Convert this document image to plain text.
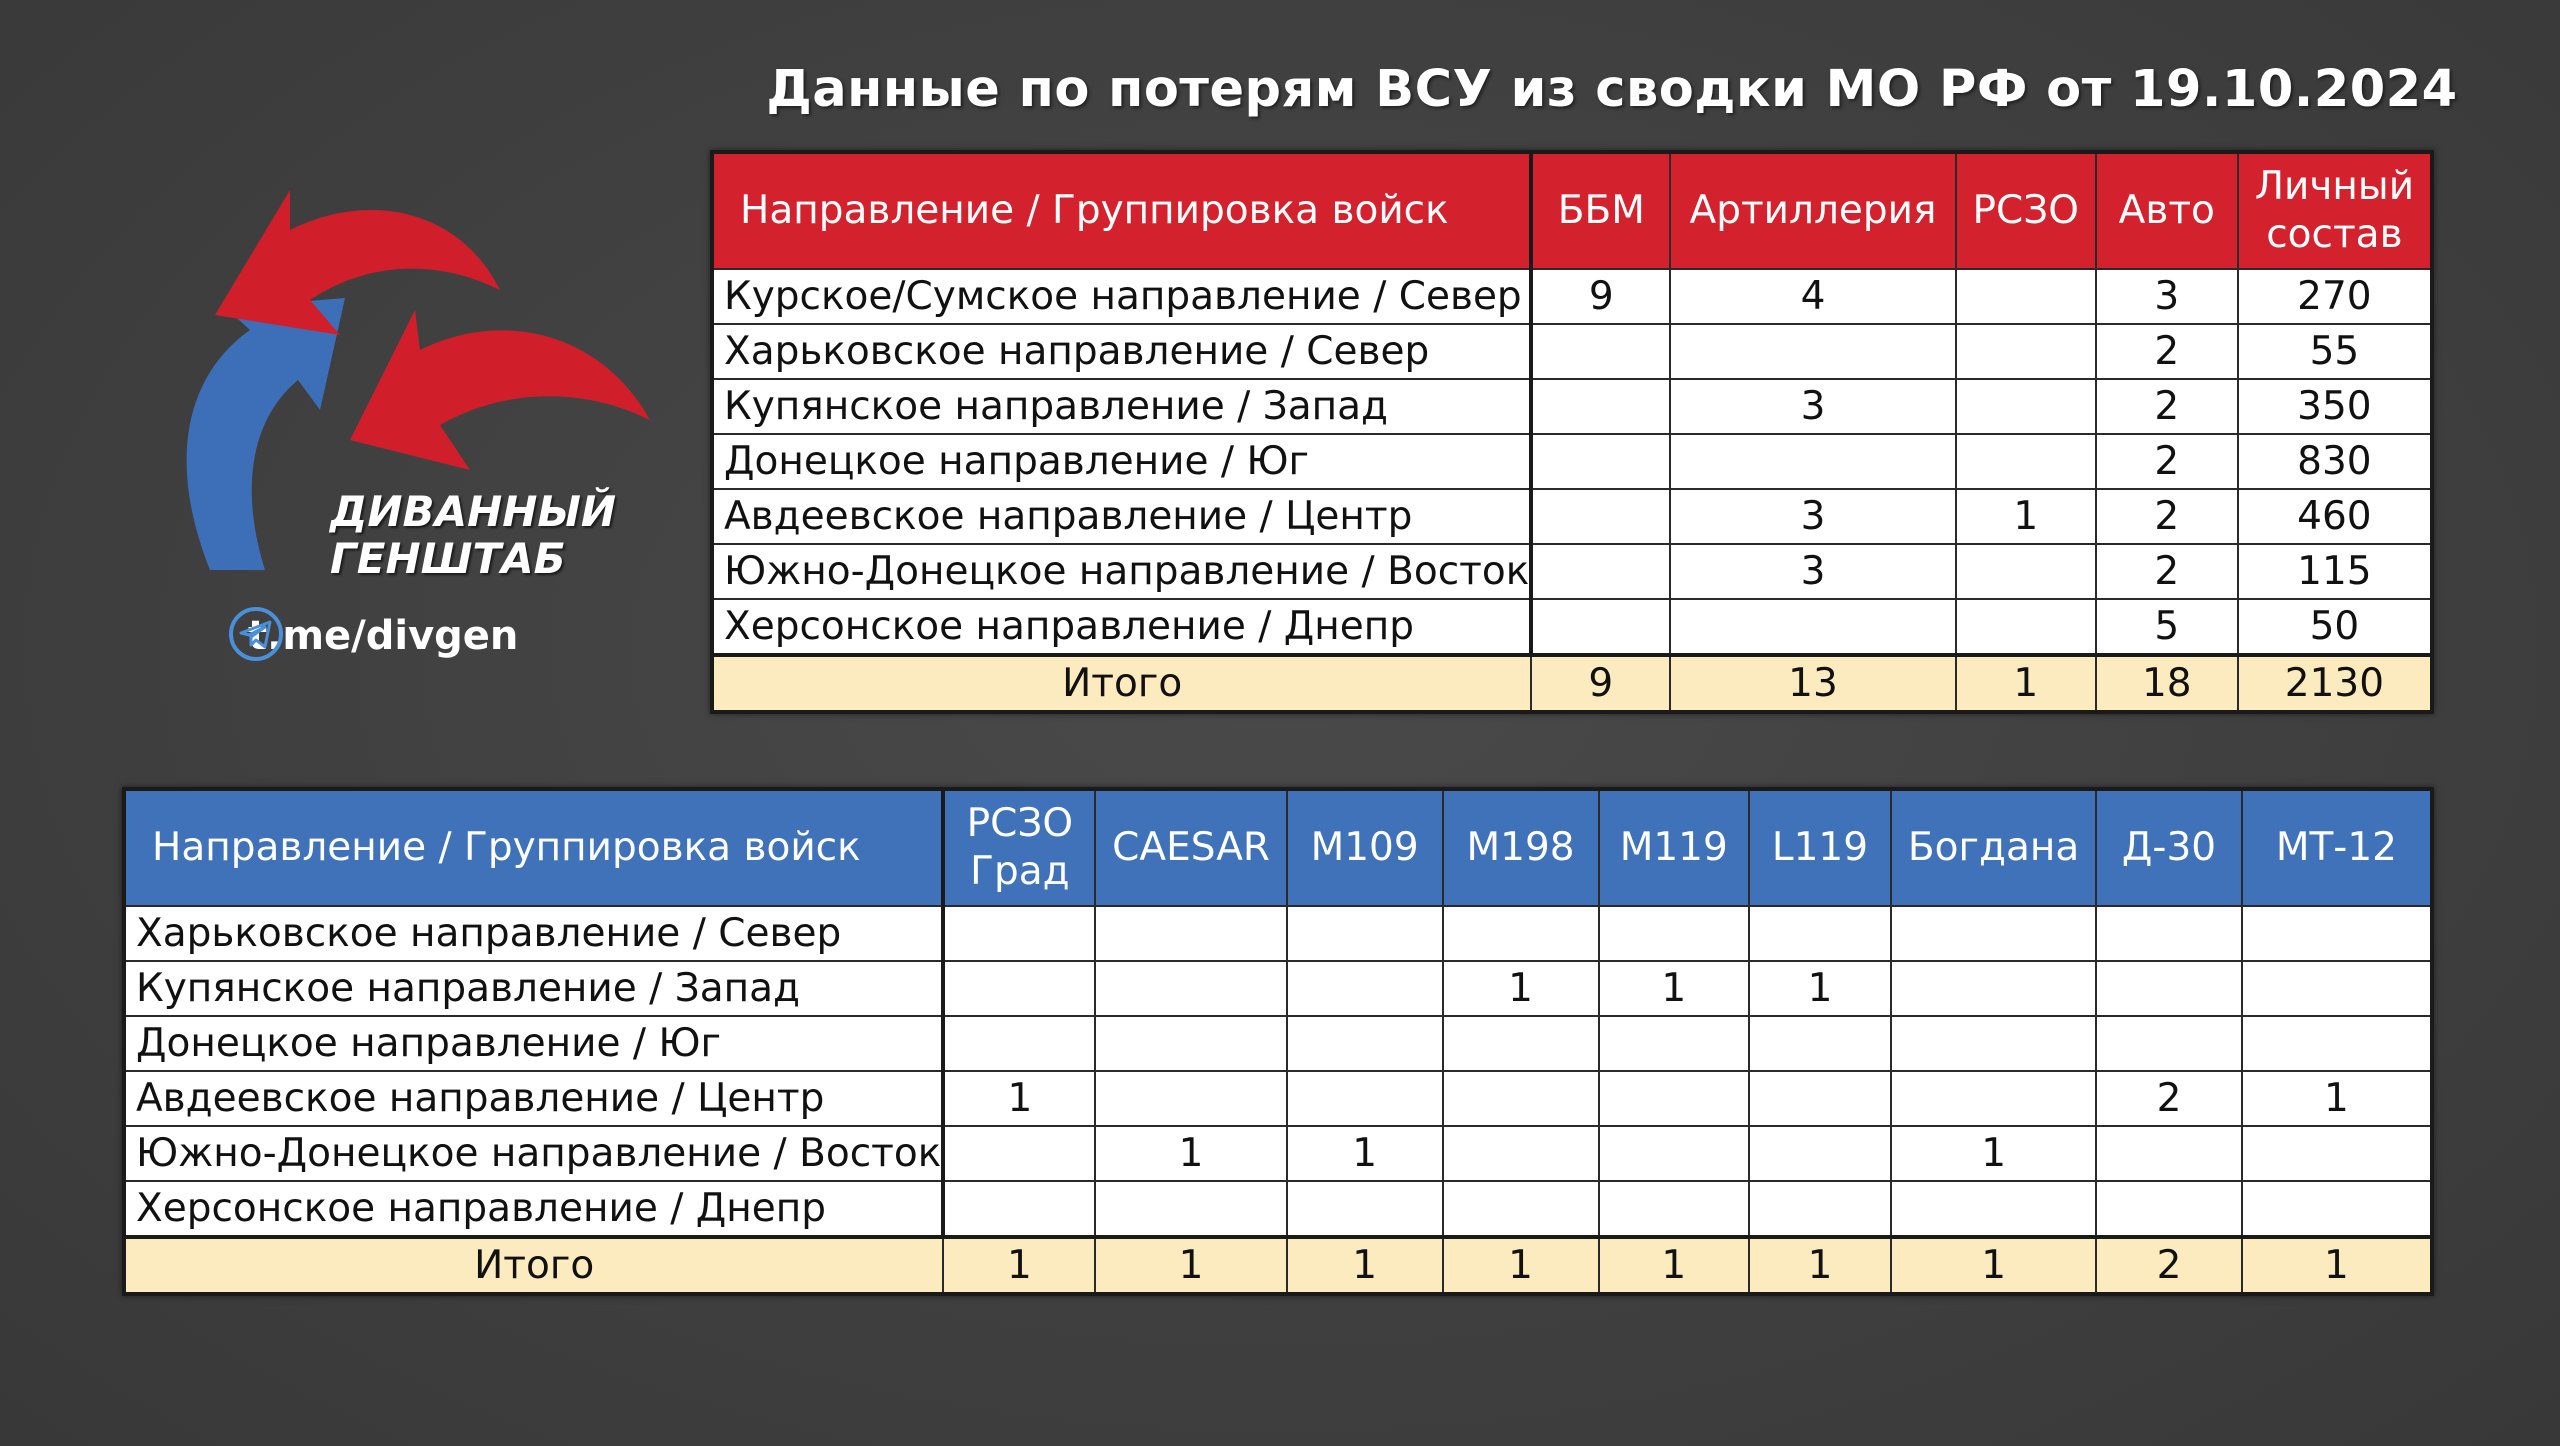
Данные по потерям ВСУ из сводки МО РФ от 19.10.2024
ДИВАННЫЙ
ГЕНШТАБ
t.me/divgen
Направление / Группировка войск	ББМ	Артиллерия	РСЗО	Авто	Личный состав
Курское/Сумское направление / Север	9	4		3	270
Харьковское направление / Север				2	55
Купянское направление / Запад		3		2	350
Донецкое направление / Юг				2	830
Авдеевское направление / Центр		3	1	2	460
Южно-Донецкое направление / Восток		3		2	115
Херсонское направление / Днепр				5	50
Итого	9	13	1	18	2130
Направление / Группировка войск	РСЗО Град	CAESAR	M109	M198	M119	L119	Богдана	Д-30	МТ-12
Харьковское направление / Север									
Купянское направление / Запад				1	1	1			
Донецкое направление / Юг									
Авдеевское направление / Центр	1							2	1
Южно-Донецкое направление / Восток		1	1				1		
Херсонское направление / Днепр									
Итого	1	1	1	1	1	1	1	2	1
